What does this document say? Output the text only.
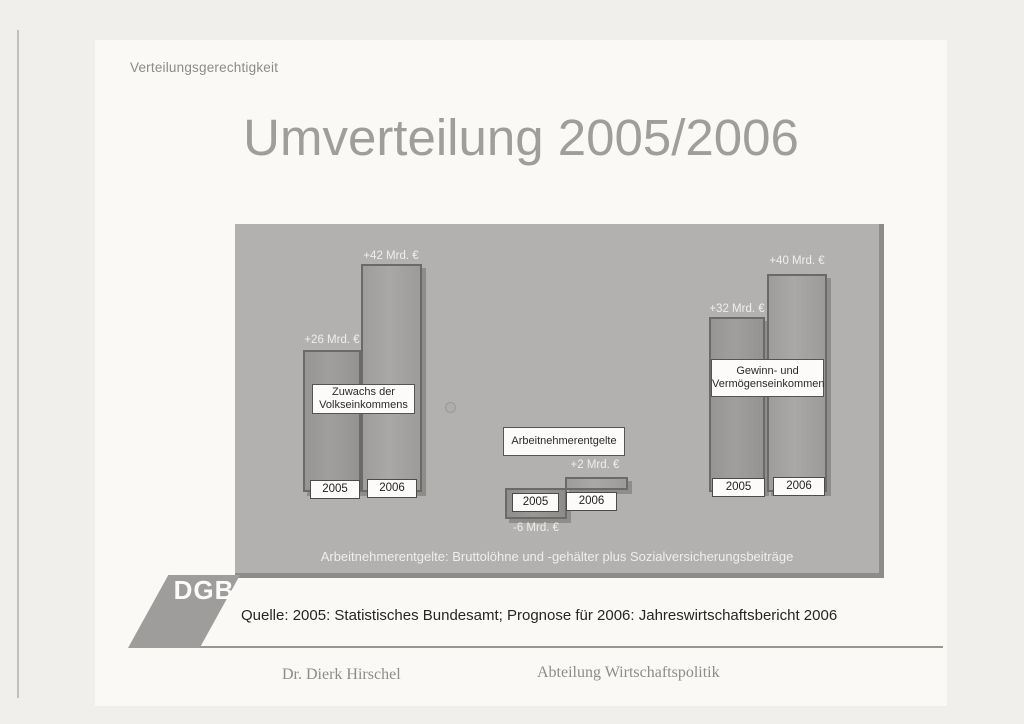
Verteilungsgerechtigkeit
Umverteilung 2005/2006
+26 Mrd. €
+42 Mrd. €
Zuwachs der
Volkseinkommens
2005	2006
-6 Mrd. €
+2 Mrd. €
Arbeitnehmerentgelte
2005	2006
+32 Mrd. €
+40 Mrd. €
Gewinn- und
Vermögenseinkommen
2005	2006
Arbeitnehmerentgelte: Bruttolöhne und -gehälter plus Sozialversicherungsbeiträge
DGB
Quelle: 2005: Statistisches Bundesamt; Prognose für 2006: Jahreswirtschaftsbericht 2006
Dr. Dierk Hirschel	Abteilung Wirtschaftspolitik
